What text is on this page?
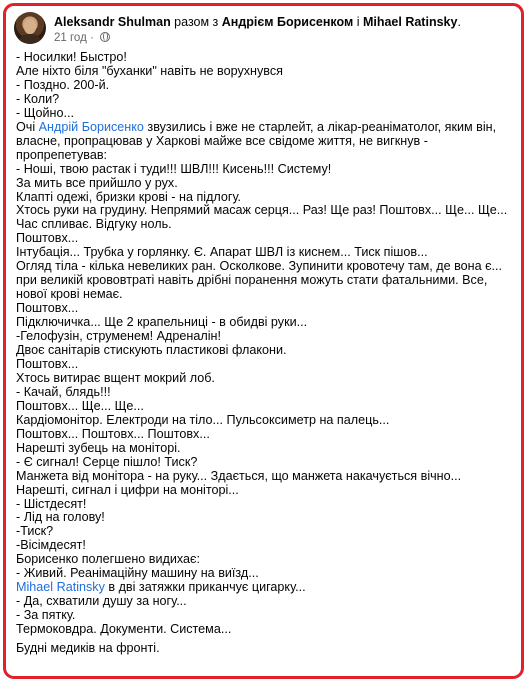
Aleksandr Shulman разом з Андрієм Борисенком і Mihael Ratinsky.
21 год ·

- Носилки! Быстро!

Але ніхто біля "буханки" навіть не ворухнувся

- Поздно. 200-й.

- Коли?

- Щойно...

Очі Андрій Борисенко звузились і вже не старлейт, а лікар-реаніматолог, яким він, власне, пропрацював у Харкові майже все свідоме життя, не вигкнув - пропрепетував:

- Ноші, твою растак і туди!!! ШВЛ!!! Кисень!!! Систему!

За мить все прийшло у рух.

Клапті одежі, бризки крові - на підлогу.

Хтось руки на грудину. Непрямий масаж серця... Раз! Ще раз! Поштовх... Ще... Ще...

Час спливає. Відгуку ноль.

Поштовх...

Інтубація... Трубка у горлянку. Є. Апарат ШВЛ із киснем... Тиск пішов...

Огляд тіла - кілька невеликих ран. Осколкове. Зупинити кровотечу там, де вона є... при великій крововтраті навіть дрібні поранення можуть стати фатальними. Все, нової крові немає.

Поштовх...

Підключичка... Ще 2 крапельниці - в обидві руки...

-Гелофузін, струменем! Адреналін!

Двоє санітарів стискують пластикові флакони.

Поштовх...

Хтось витирає вщент мокрий лоб.

- Качай, блядь!!!

Поштовх... Ще... Ще...

Кардіомонітор. Електроди на тіло... Пульсоксиметр на палець...

Поштовх... Поштовх... Поштовх...

Нарешті зубець на моніторі.

- Є сигнал! Серце пішло! Тиск?

Манжета від монітора - на руку... Здається, що манжета накачується вічно... Нарешті, сигнал і цифри на моніторі...

- Шістдесят!

- Лід на голову!

-Тиск?

-Вісімдесят!

Борисенко полегшено видихає:

- Живий. Реанімаційну машину на виїзд...

Mihael Ratinsky в дві затяжки приканчує цигарку...

- Да, схватили душу за ногу...

- За пятку.

Термоковдра. Документи. Система...

Будні медиків на фронті.
